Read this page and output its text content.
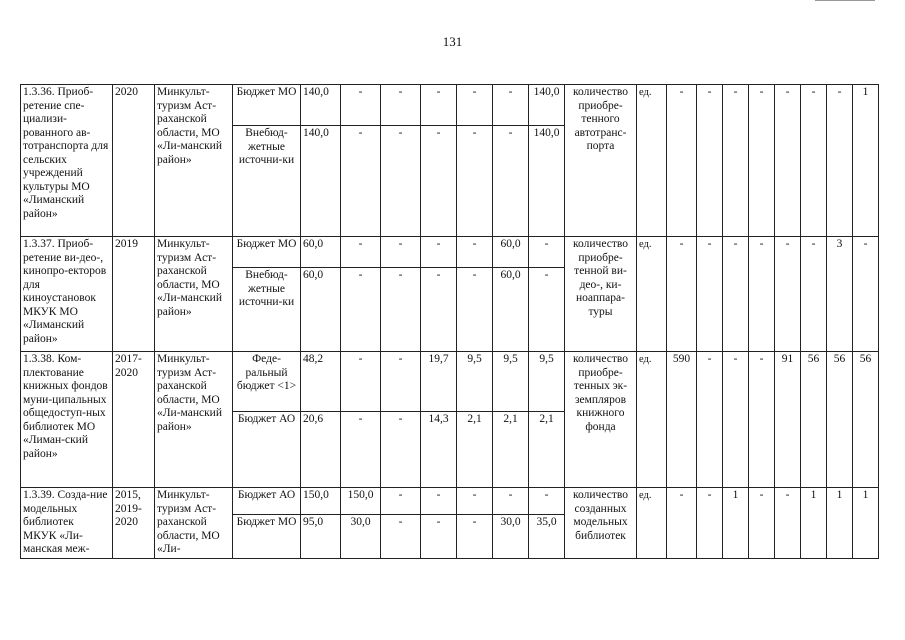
131
1.3.36. Приоб-ретение спе-циализи-рованного ав-тотранспорта для сельских учреждений культуры МО «Лиманский район»	2020	Минкульт-туризм Аст-раханской области, МО «Ли-манский район»	Бюджет МО	140,0	-	-	-	-	-	140,0	количество приобре-тенного автотранс-порта	ед.	-	-	-	-	-	-	-	1
			Внебюд-жетные источни-ки	140,0	-	-	-	-	-	140,0										
1.3.37. Приоб-ретение ви-део-, кинопро-екторов для киноустановок МКУК МО «Лиманский район»	2019	Минкульт-туризм Аст-раханской области, МО «Ли-манский район»	Бюджет МО	60,0	-	-	-	-	60,0	-	количество приобре-тенной ви-део-, ки-ноаппара-туры	ед.	-	-	-	-	-	-	3	-
			Внебюд-жетные источни-ки	60,0	-	-	-	-	60,0	-										
1.3.38. Ком-плектование книжных фондов муни-ципальных общедоступ-ных библиотек МО «Лиман-ский район»	2017-2020	Минкульт-туризм Аст-раханской области, МО «Ли-манский район»	Феде-ральный бюджет <1>	48,2	-	-	19,7	9,5	9,5	9,5	количество приобре-тенных эк-земпляров книжного фонда	ед.	590	-	-	-	91	56	56	56
			Бюджет АО	20,6	-	-	14,3	2,1	2,1	2,1										
1.3.39. Созда-ние модельных библиотек МКУК «Ли-манская меж-	2015, 2019-2020	Минкульт-туризм Аст-раханской области, МО «Ли-	Бюджет АО	150,0	150,0	-	-	-	-	-	количество созданных модельных библиотек	ед.	-	-	1	-	-	1	1	1
			Бюджет МО	95,0	30,0	-	-	-	30,0	35,0										
